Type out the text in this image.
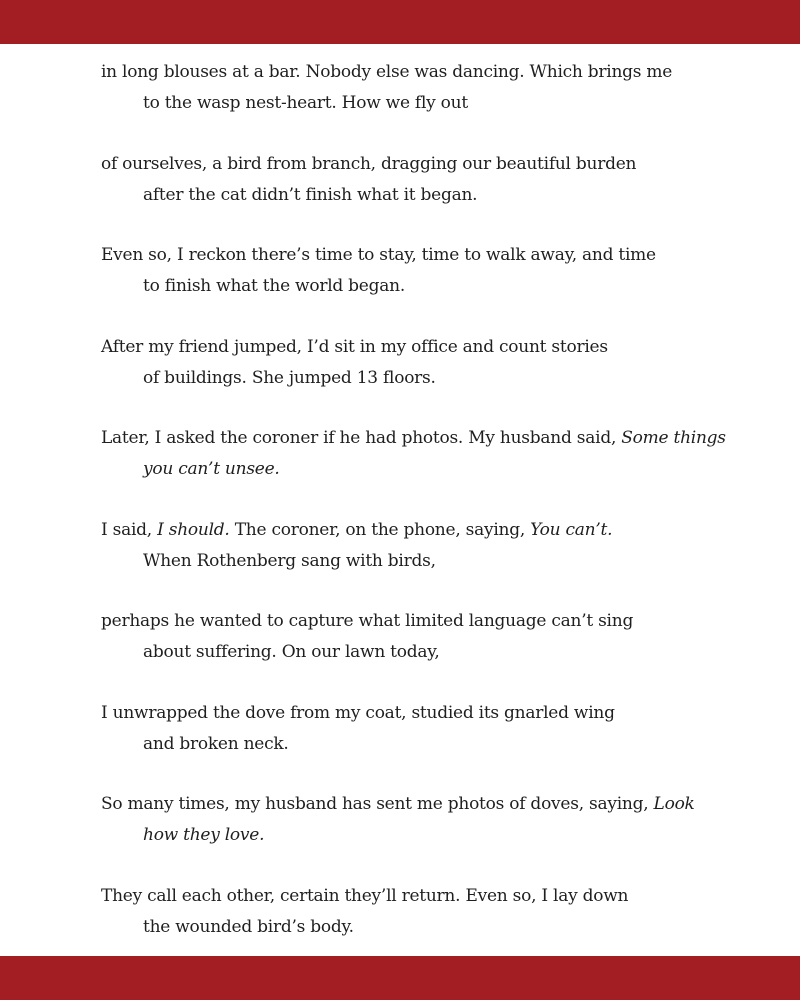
in long blouses at a bar. Nobody else was dancing. Which brings me
to the wasp nest-heart. How we fly out
of ourselves, a bird from branch, dragging our beautiful burden
after the cat didn’t finish what it began.
Even so, I reckon there’s time to stay, time to walk away, and time
to finish what the world began.
After my friend jumped, I’d sit in my office and count stories
of buildings. She jumped 13 floors.
Later, I asked the coroner if he had photos. My husband said, Some things
you can’t unsee.
I said, I should. The coroner, on the phone, saying, You can’t.
When Rothenberg sang with birds,
perhaps he wanted to capture what limited language can’t sing
about suffering. On our lawn today,
I unwrapped the dove from my coat, studied its gnarled wing
and broken neck.
So many times, my husband has sent me photos of doves, saying, Look
how they love.
They call each other, certain they’ll return. Even so, I lay down
the wounded bird’s body.
